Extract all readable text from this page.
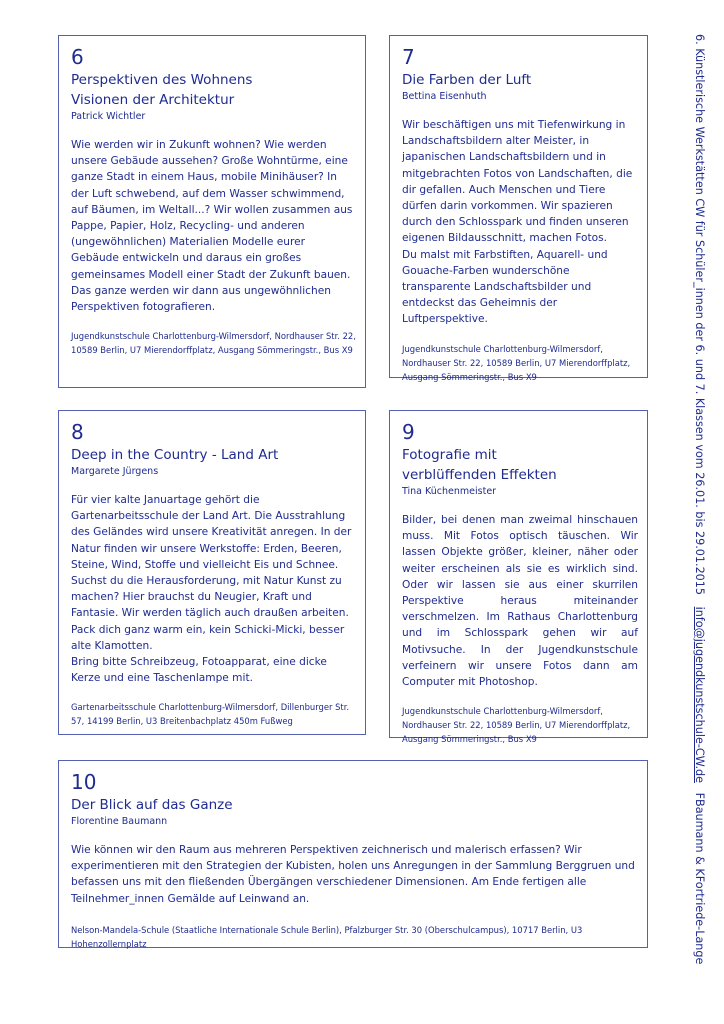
6
Perspektiven des Wohnens
Visionen der Architektur
Patrick Wichtler
Wie werden wir in Zukunft wohnen? Wie werden unsere Gebäude aussehen? Große Wohntürme, eine ganze Stadt in einem Haus, mobile Minihäuser? In der Luft schwebend, auf dem Wasser schwimmend, auf Bäumen, im Weltall...? Wir wollen zusammen aus Pappe, Papier, Holz, Recycling- und anderen (ungewöhnlichen) Materialien Modelle eurer Gebäude entwickeln und daraus ein großes gemeinsames Modell einer Stadt der Zukunft bauen. Das ganze werden wir dann aus ungewöhnlichen Perspektiven fotografieren.
Jugendkunstschule Charlottenburg-Wilmersdorf, Nordhauser Str. 22, 10589 Berlin, U7 Mierendorffplatz, Ausgang Sömmeringstr., Bus X9
7
Die Farben der Luft
Bettina Eisenhuth
Wir beschäftigen uns mit Tiefenwirkung in Landschaftsbildern alter Meister, in japanischen Landschaftsbildern und in mitgebrachten Fotos von Landschaften, die dir gefallen. Auch Menschen und Tiere dürfen darin vorkommen. Wir spazieren durch den Schlosspark und finden unseren eigenen Bildausschnitt, machen Fotos.
Du malst mit Farbstiften, Aquarell- und Gouache-Farben wunderschöne transparente Landschaftsbilder und entdeckst das Geheimnis der Luftperspektive.
Jugendkunstschule Charlottenburg-Wilmersdorf, Nordhauser Str. 22, 10589 Berlin, U7 Mierendorffplatz, Ausgang Sömmeringstr., Bus X9
8
Deep in the Country - Land Art
Margarete Jürgens
Für vier kalte Januartage gehört die Gartenarbeitsschule der Land Art. Die Ausstrahlung des Geländes wird unsere Kreativität anregen. In der Natur finden wir unsere Werkstoffe: Erden, Beeren, Steine, Wind, Stoffe und vielleicht Eis und Schnee. Suchst du die Herausforderung, mit Natur Kunst zu machen? Hier brauchst du Neugier, Kraft und Fantasie. Wir werden täglich auch draußen arbeiten. Pack dich ganz warm ein, kein Schicki-Micki, besser alte Klamotten.
Bring bitte Schreibzeug, Fotoapparat, eine dicke Kerze und eine Taschenlampe mit.
Gartenarbeitsschule Charlottenburg-Wilmersdorf, Dillenburger Str. 57, 14199 Berlin, U3 Breitenbachplatz 450m Fußweg
9
Fotografie mit
verblüffenden Effekten
Tina Küchenmeister
Bilder, bei denen man zweimal hinschauen muss. Mit Fotos optisch täuschen. Wir lassen Objekte größer, kleiner, näher oder weiter erscheinen als sie es wirklich sind. Oder wir lassen sie aus einer skurrilen Perspektive heraus miteinander verschmelzen. Im Rathaus Charlottenburg und im Schlosspark gehen wir auf Motivsuche. In der Jugendkunstschule verfeinern wir unsere Fotos dann am Computer mit Photoshop.
Jugendkunstschule Charlottenburg-Wilmersdorf, Nordhauser Str. 22, 10589 Berlin, U7 Mierendorffplatz, Ausgang Sömmeringstr., Bus X9
10
Der Blick auf das Ganze
Florentine Baumann
Wie können wir den Raum aus mehreren Perspektiven zeichnerisch und malerisch erfassen? Wir experimentieren mit den Strategien der Kubisten, holen uns Anregungen in der Sammlung Berggruen und befassen uns mit den fließenden Übergängen verschiedener Dimensionen. Am Ende fertigen alle Teilnehmer_innen Gemälde auf Leinwand an.
Nelson-Mandela-Schule (Staatliche Internationale Schule Berlin), Pfalzburger Str. 30 (Oberschulcampus), 10717 Berlin, U3 Hohenzollernplatz
6. Künstlerische Werkstätten CW für Schüler_innen der 6. und 7. Klassen vom 26.01. bis 29.01.2015 info@jugendkunstschule-CW.de FBaumann & KFortriede-Lange
